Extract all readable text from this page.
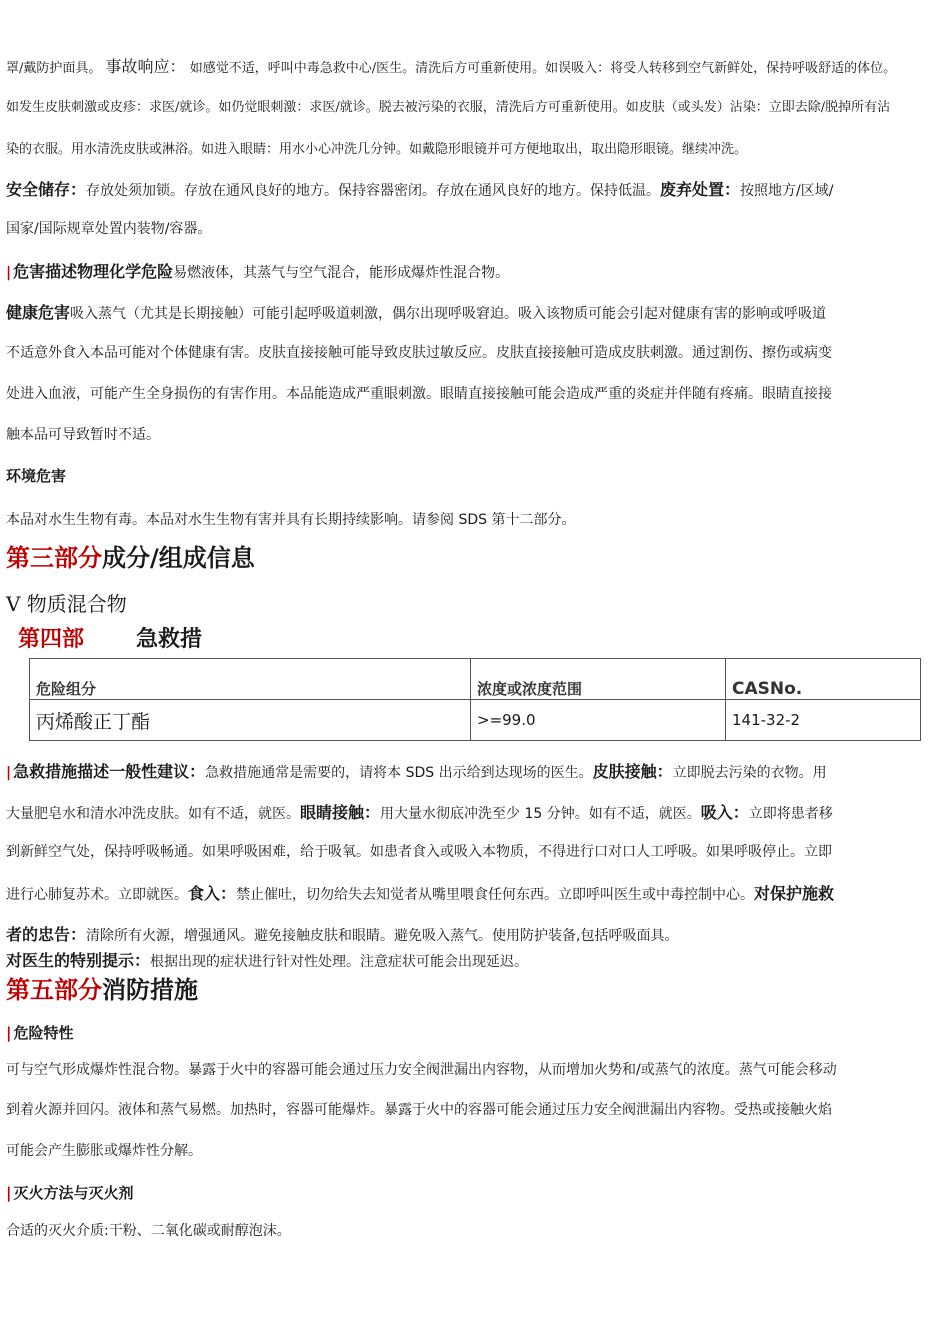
罩/戴防护面具。 事故响应： 如感觉不适，呼叫中毒急救中心/医生。清洗后方可重新使用。如误吸入：将受人转移到空气新鲜处，保持呼吸舒适的体位。
如发生皮肤刺激或皮疹：求医/就诊。如仍觉眼刺激：求医/就诊。脱去被污染的衣服，清洗后方可重新使用。如皮肤（或头发）沾染：立即去除/脱掉所有沾
染的衣服。用水清洗皮肤或淋浴。如进入眼睛：用水小心冲洗几分钟。如戴隐形眼镜并可方便地取出，取出隐形眼镜。继续冲洗。
安全储存：存放处须加锁。存放在通风良好的地方。保持容器密闭。存放在通风良好的地方。保持低温。废弃处置：按照地方/区域/
国家/国际规章处置内装物/容器。
| 危害描述物理化学危险易燃液体，其蒸气与空气混合，能形成爆炸性混合物。
健康危害吸入蒸气（尤其是长期接触）可能引起呼吸道刺激，偶尔出现呼吸窘迫。吸入该物质可能会引起对健康有害的影响或呼吸道
不适意外食入本品可能对个体健康有害。皮肤直接接触可能导致皮肤过敏反应。皮肤直接接触可造成皮肤刺激。通过割伤、擦伤或病变
处进入血液，可能产生全身损伤的有害作用。本品能造成严重眼刺激。眼睛直接接触可能会造成严重的炎症并伴随有疼痛。眼睛直接接
触本品可导致暂时不适。
环境危害
本品对水生生物有毒。本品对水生生物有害并具有长期持续影响。请参阅 SDS 第十二部分。
第三部分成分/组成信息
V 物质混合物
第四部 急救措
危险组分	浓度或浓度范围	CASNo.
丙烯酸正丁酯	>=99.0	141-32-2
| 急救措施描述一般性建议：急救措施通常是需要的，请将本 SDS 出示给到达现场的医生。皮肤接触：立即脱去污染的衣物。用
大量肥皂水和清水冲洗皮肤。如有不适，就医。眼睛接触：用大量水彻底冲洗至少 15 分钟。如有不适，就医。吸入：立即将患者移
到新鲜空气处，保持呼吸畅通。如果呼吸困难，给于吸氧。如患者食入或吸入本物质，不得进行口对口人工呼吸。如果呼吸停止。立即
进行心肺复苏术。立即就医。食入：禁止催吐，切勿给失去知觉者从嘴里喂食任何东西。立即呼叫医生或中毒控制中心。对保护施救
者的忠告：清除所有火源，增强通风。避免接触皮肤和眼睛。避免吸入蒸气。使用防护装备,包括呼吸面具。
对医生的特别提示：根据出现的症状进行针对性处理。注意症状可能会出现延迟。
第五部分消防措施
| 危险特性
可与空气形成爆炸性混合物。暴露于火中的容器可能会通过压力安全阀泄漏出内容物，从而增加火势和/或蒸气的浓度。蒸气可能会移动
到着火源并回闪。液体和蒸气易燃。加热时，容器可能爆炸。暴露于火中的容器可能会通过压力安全阀泄漏出内容物。受热或接触火焰
可能会产生膨胀或爆炸性分解。
| 灭火方法与灭火剂
合适的灭火介质:干粉、二氧化碳或耐醇泡沫。
